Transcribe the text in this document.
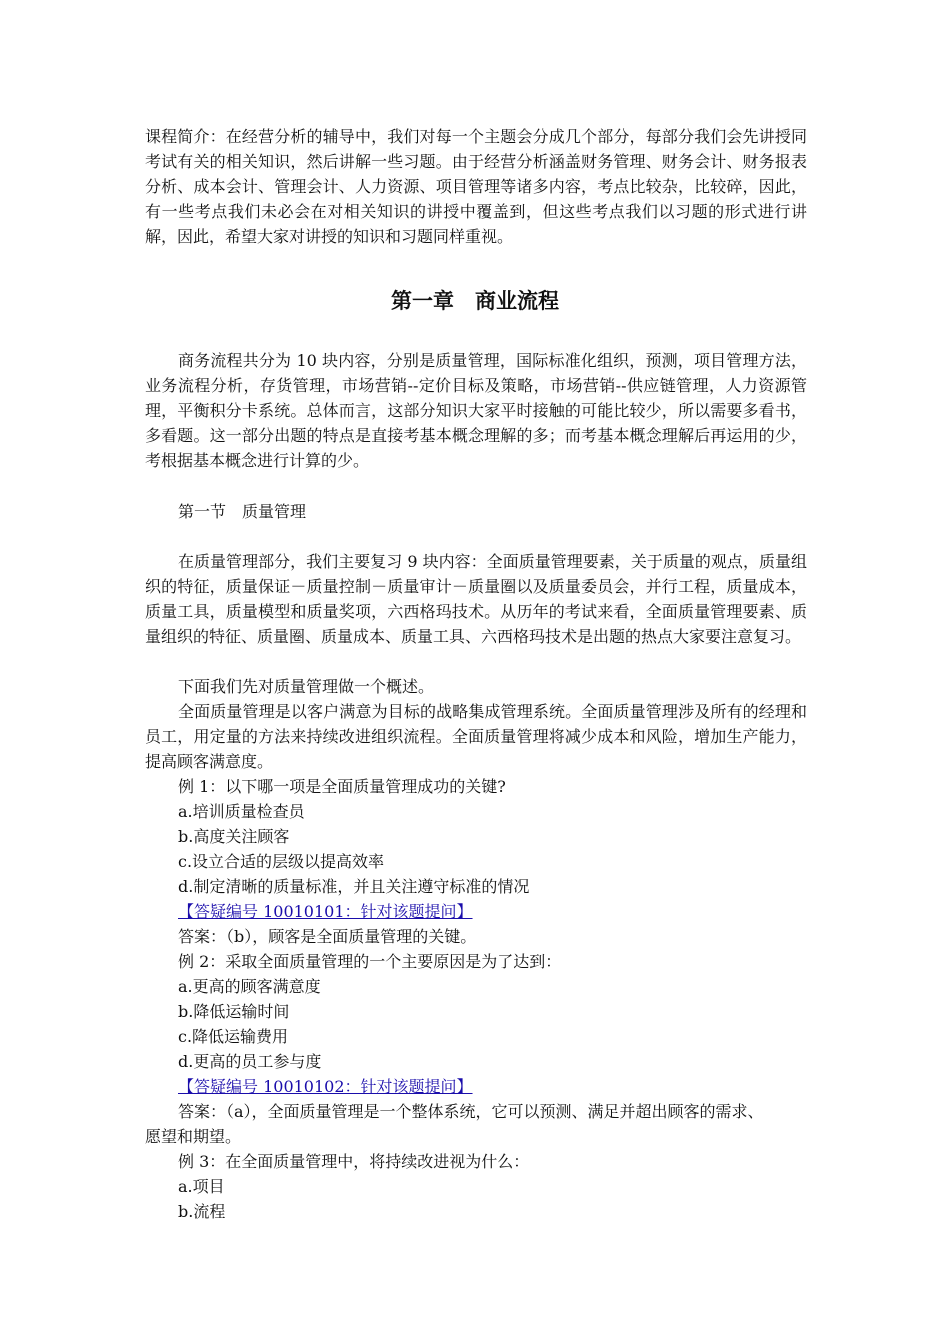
课程简介：在经营分析的辅导中，我们对每一个主题会分成几个部分，每部分我们会先讲授同考试有关的相关知识，然后讲解一些习题。由于经营分析涵盖财务管理、财务会计、财务报表分析、成本会计、管理会计、人力资源、项目管理等诸多内容，考点比较杂，比较碎，因此，有一些考点我们未必会在对相关知识的讲授中覆盖到，但这些考点我们以习题的形式进行讲解，因此，希望大家对讲授的知识和习题同样重视。

第一章　商业流程

商务流程共分为 10 块内容，分别是质量管理，国际标准化组织，预测，项目管理方法，业务流程分析，存货管理，市场营销--定价目标及策略，市场营销--供应链管理，人力资源管理，平衡积分卡系统。总体而言，这部分知识大家平时接触的可能比较少，所以需要多看书，多看题。这一部分出题的特点是直接考基本概念理解的多；而考基本概念理解后再运用的少，考根据基本概念进行计算的少。

第一节　质量管理

在质量管理部分，我们主要复习 9 块内容：全面质量管理要素，关于质量的观点，质量组织的特征，质量保证－质量控制－质量审计－质量圈以及质量委员会，并行工程，质量成本，质量工具，质量模型和质量奖项，六西格玛技术。从历年的考试来看，全面质量管理要素、质量组织的特征、质量圈、质量成本、质量工具、六西格玛技术是出题的热点大家要注意复习。

下面我们先对质量管理做一个概述。

全面质量管理是以客户满意为目标的战略集成管理系统。全面质量管理涉及所有的经理和员工，用定量的方法来持续改进组织流程。全面质量管理将减少成本和风险，增加生产能力，提高顾客满意度。

例 1：以下哪一项是全面质量管理成功的关键?

a.培训质量检查员

b.高度关注顾客

c.设立合适的层级以提高效率

d.制定清晰的质量标准，并且关注遵守标准的情况

【答疑编号 10010101：针对该题提问】

答案：（b），顾客是全面质量管理的关键。

例 2：采取全面质量管理的一个主要原因是为了达到：

a.更高的顾客满意度

b.降低运输时间

c.降低运输费用

d.更高的员工参与度

【答疑编号 10010102：针对该题提问】

答案：（a），全面质量管理是一个整体系统，它可以预测、满足并超出顾客的需求、

愿望和期望。

例 3：在全面质量管理中，将持续改进视为什么：

a.项目

b.流程
